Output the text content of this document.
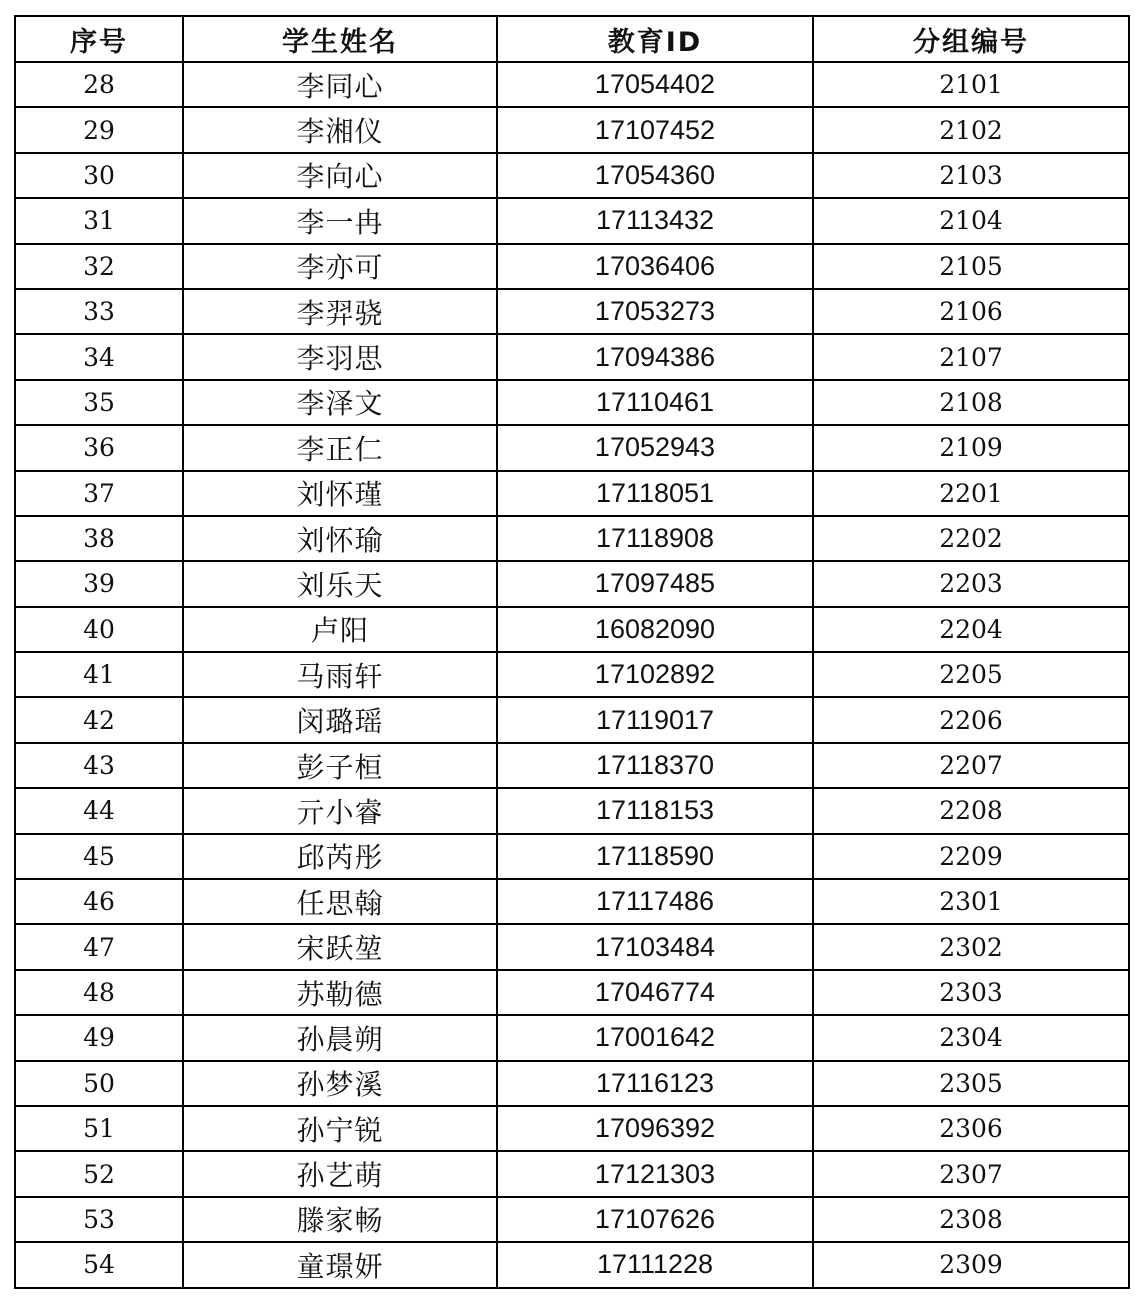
序号	学生姓名	教育ID	分组编号
28	李同心	17054402	2101
29	李湘仪	17107452	2102
30	李向心	17054360	2103
31	李一冉	17113432	2104
32	李亦可	17036406	2105
33	李羿骁	17053273	2106
34	李羽思	17094386	2107
35	李泽文	17110461	2108
36	李正仁	17052943	2109
37	刘怀瑾	17118051	2201
38	刘怀瑜	17118908	2202
39	刘乐天	17097485	2203
40	卢阳	16082090	2204
41	马雨轩	17102892	2205
42	闵璐瑶	17119017	2206
43	彭子桓	17118370	2207
44	亓小睿	17118153	2208
45	邱芮彤	17118590	2209
46	任思翰	17117486	2301
47	宋跃堃	17103484	2302
48	苏勒德	17046774	2303
49	孙晨朔	17001642	2304
50	孙梦溪	17116123	2305
51	孙宁锐	17096392	2306
52	孙艺萌	17121303	2307
53	滕家畅	17107626	2308
54	童璟妍	17111228	2309
